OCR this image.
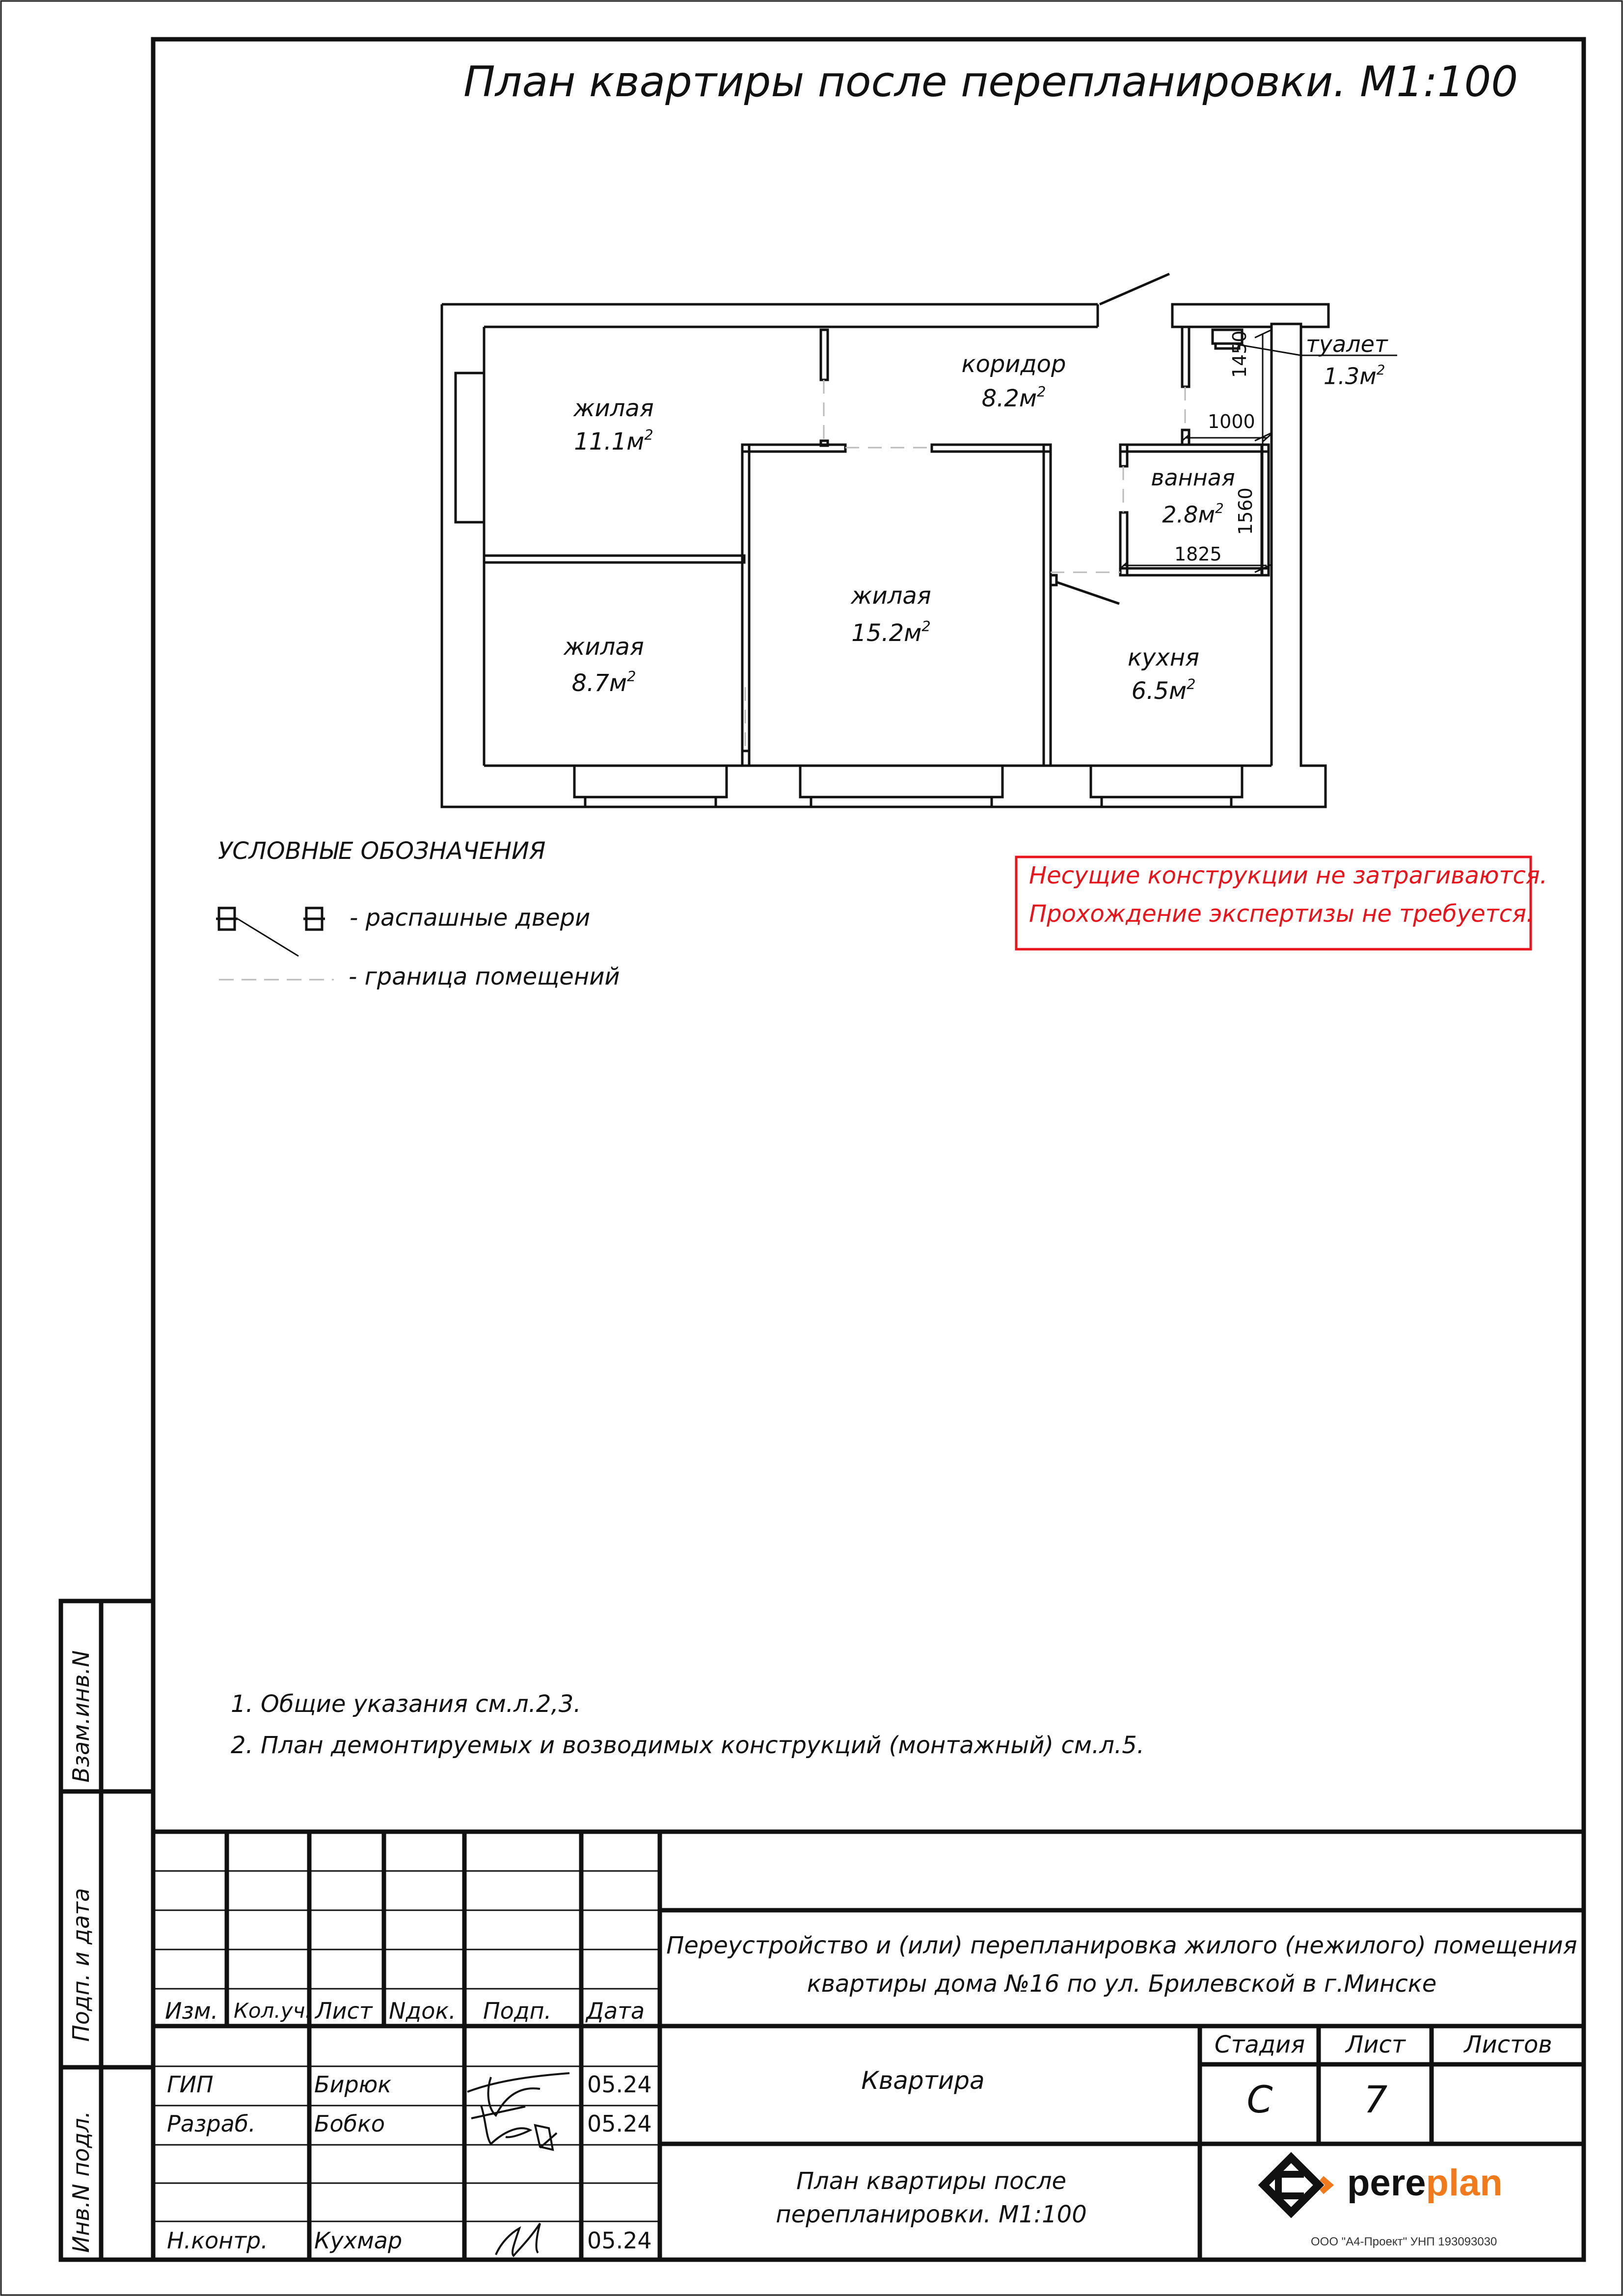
План квартиры после перепланировки. М1:100
жилая
$11.1м^2$
коридор
$8.2м^2$
туалет
$1.3м^2$
ванная
$2.8м^2$
жилая
$15.2м^2$
жилая
$8.7м^2$
кухня
$6.5м^2$
1450
1000
1560
1825
УСЛОВНЫЕ ОБОЗНАЧЕНИЯ
- распашные двери
- граница помещений
Несущие конструкции не затрагиваются.
Прохождение экспертизы не требуется.
1. Общие указания см.л.2,3.
2. План демонтируемых и возводимых конструкций (монтажный) см.л.5.
Взам.инв.N
Подп. и дата
Инв.N подл.
Изм. Кол.уч. Лист Nдок. Подп. Дата
ГИП	Бирюк	05.24
Разраб.	Бобко	05.24
Н.контр. Кухмар	05.24
Переустройство и (или) перепланировка жилого (нежилого) помещения
квартиры дома №16 по ул. Брилевской в г.Минске
Квартира
План квартиры после
перепланировки. М1:100
Стадия	Лист	Листов
С	7
pereplan
ООО "А4-Проект" УНП 193093030
